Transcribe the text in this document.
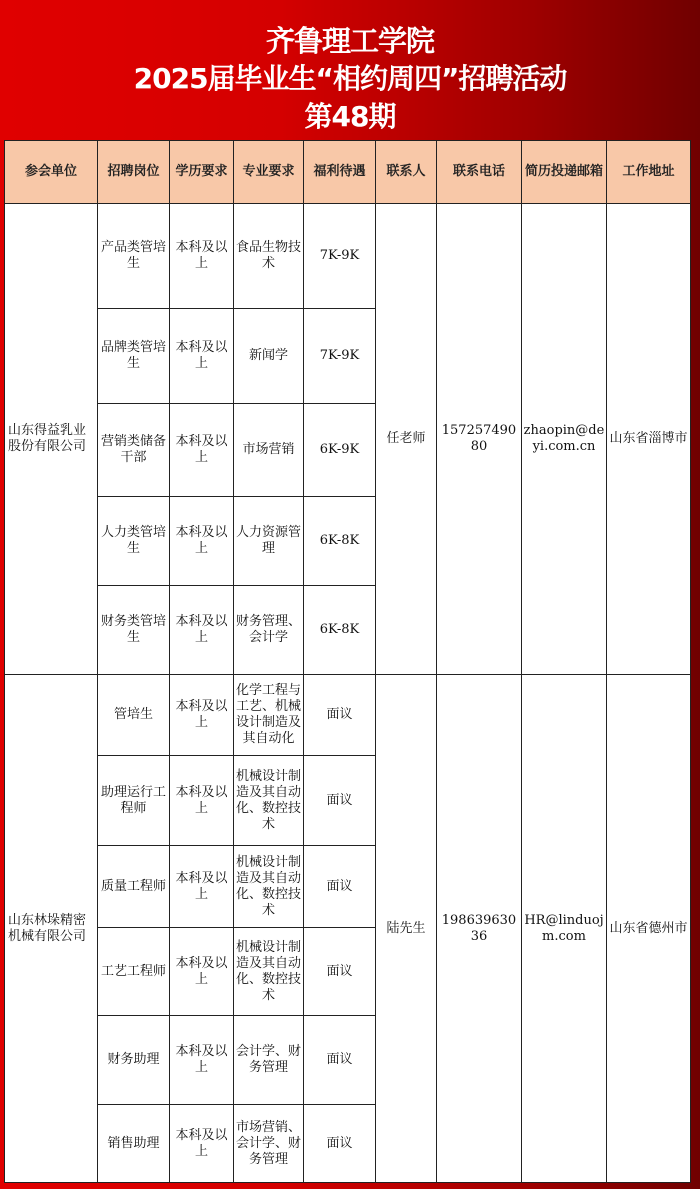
齐鲁理工学院
2025届毕业生“相约周四”招聘活动
第48期
参会单位	招聘岗位	学历要求	专业要求	福利待遇	联系人	联系电话	简历投递邮箱	工作地址
山东得益乳业股份有限公司	产品类管培生	本科及以上	食品生物技术	7K-9K	任老师	15725749080	zhaopin@deyi.com.cn	山东省淄博市
	品牌类管培生	本科及以上	新闻学	7K-9K				
	营销类储备干部	本科及以上	市场营销	6K-9K				
	人力类管培生	本科及以上	人力资源管理	6K-8K				
	财务类管培生	本科及以上	财务管理、会计学	6K-8K				
山东林垛精密机械有限公司	管培生	本科及以上	化学工程与工艺、机械设计制造及其自动化	面议	陆先生	19863963036	HR@linduojm.com	山东省德州市
	助理运行工程师	本科及以上	机械设计制造及其自动化、数控技术	面议				
	质量工程师	本科及以上	机械设计制造及其自动化、数控技术	面议				
	工艺工程师	本科及以上	机械设计制造及其自动化、数控技术	面议				
	财务助理	本科及以上	会计学、财务管理	面议				
	销售助理	本科及以上	市场营销、会计学、财务管理	面议				
